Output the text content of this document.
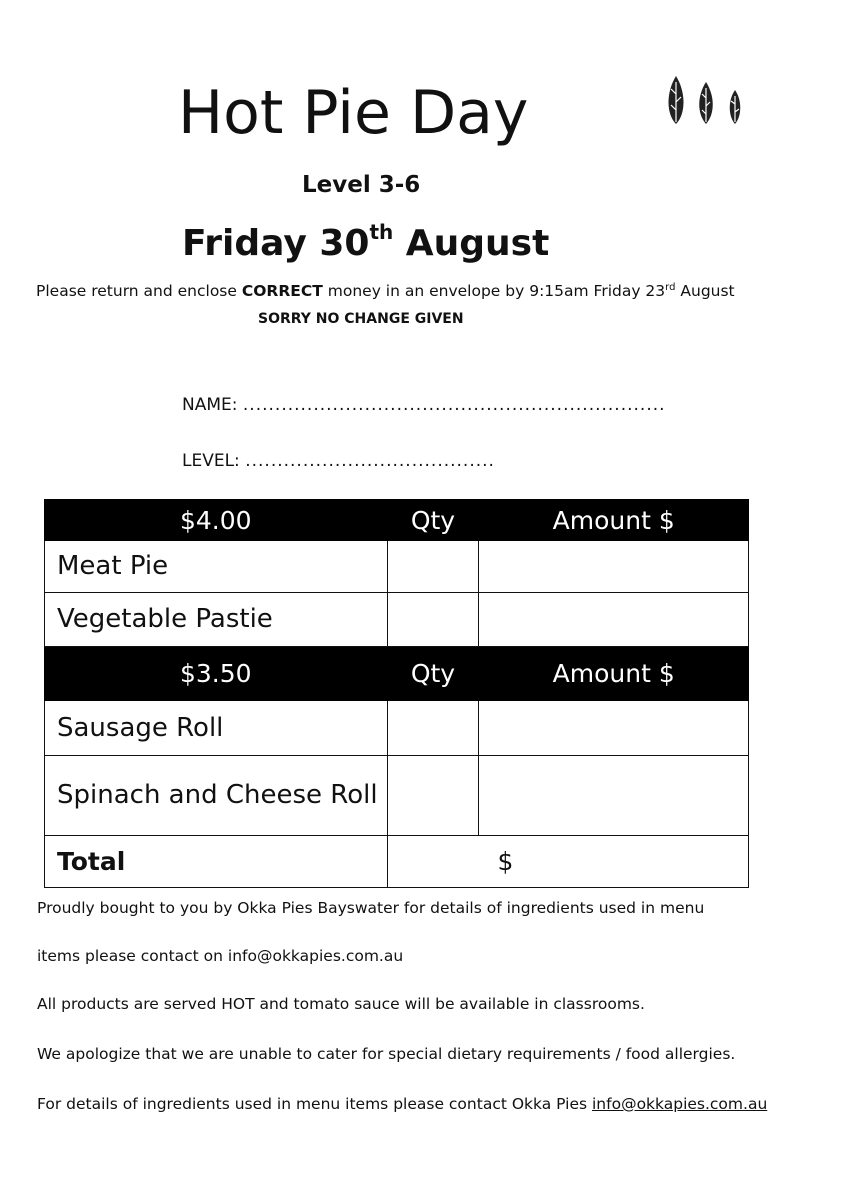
Hot Pie Day
Level 3-6
Friday 30th August
Please return and enclose CORRECT money in an envelope by 9:15am Friday 23rd August
SORRY NO CHANGE GIVEN
NAME: ..................................................................
LEVEL: .......................................
$4.00	Qty	Amount $
Meat Pie		
Vegetable Pastie		
$3.50	Qty	Amount $
Sausage Roll		
Spinach and Cheese Roll		
Total	$	
Proudly bought to you by Okka Pies Bayswater for details of ingredients used in menu
items please contact on info@okkapies.com.au
All products are served HOT and tomato sauce will be available in classrooms.
We apologize that we are unable to cater for special dietary requirements / food allergies.
For details of ingredients used in menu items please contact Okka Pies info@okkapies.com.au
